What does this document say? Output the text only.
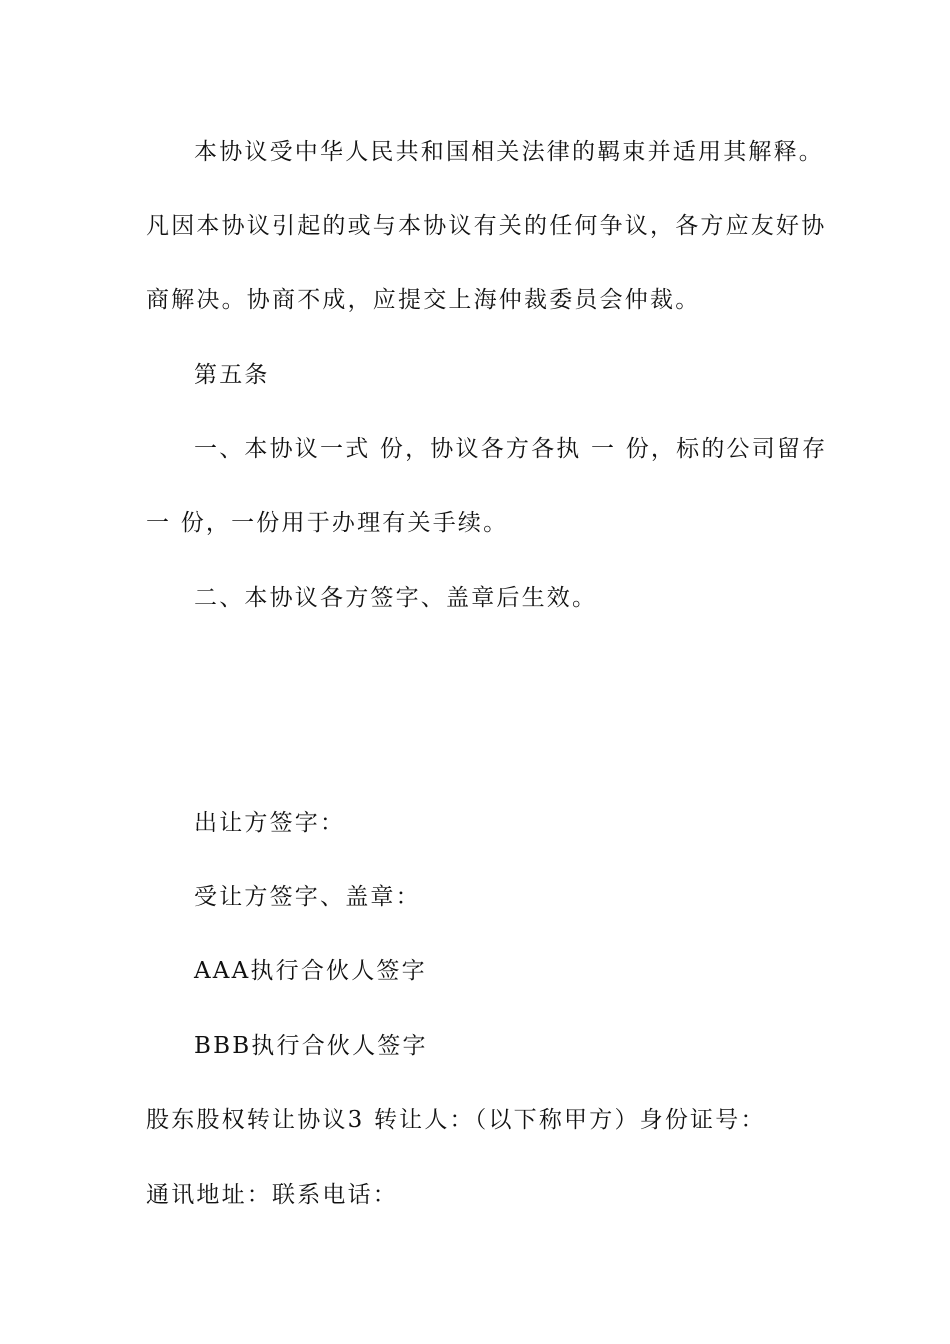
本协议受中华人民共和国相关法律的羁束并适用其解释。
凡因本协议引起的或与本协议有关的任何争议，各方应友好协
商解决。协商不成，应提交上海仲裁委员会仲裁。
第五条
一、本协议一式 份，协议各方各执 一 份，标的公司留存
一 份，一份用于办理有关手续。
二、本协议各方签字、盖章后生效。
出让方签字：
受让方签字、盖章：
AAA执行合伙人签字
BBB执行合伙人签字
股东股权转让协议3 转让人：（以下称甲方）身份证号：
通讯地址：联系电话：
